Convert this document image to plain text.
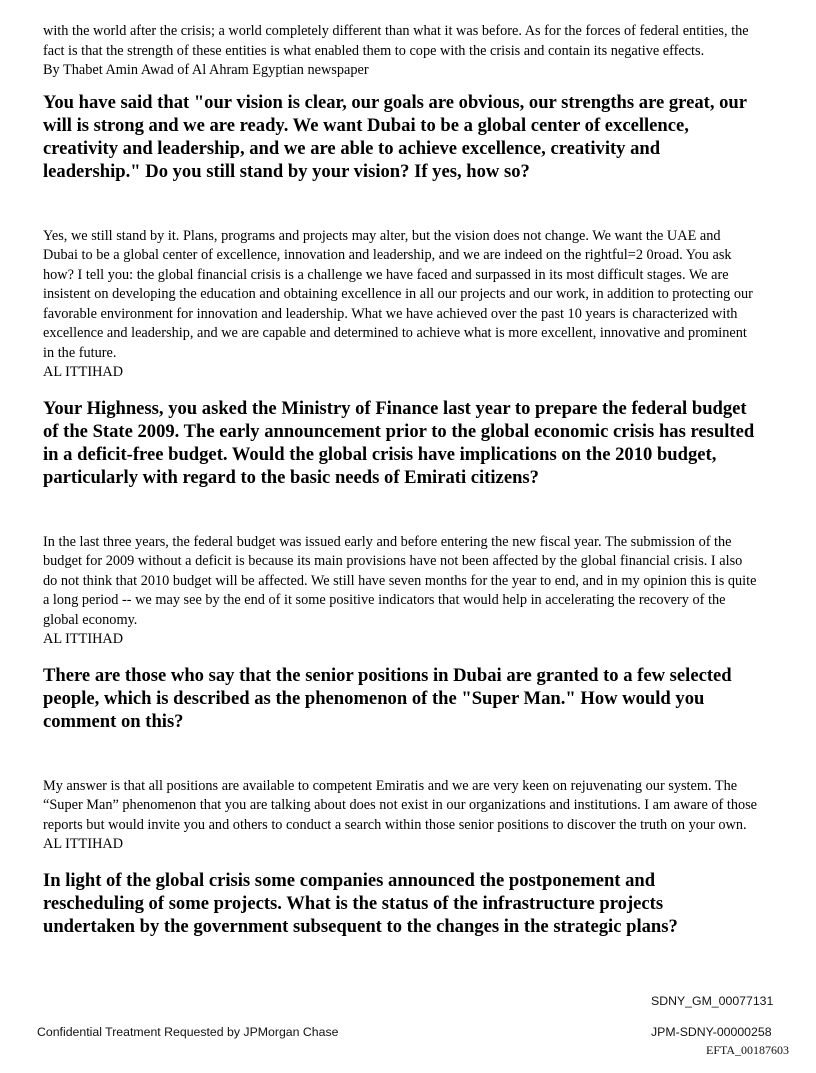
with the world after the crisis; a world completely different than what it was before. As for the forces of federal entities, the fact is that the strength of these entities is what enabled them to cope with the crisis and contain its negative effects.

By Thabet Amin Awad of Al Ahram Egyptian newspaper

You have said that "our vision is clear, our goals are obvious, our strengths are great, our will is strong and we are ready. We want Dubai to be a global center of excellence, creativity and leadership, and we are able to achieve excellence, creativity and leadership." Do you still stand by your vision? If yes, how so?

Yes, we still stand by it. Plans, programs and projects may alter, but the vision does not change. We want the UAE and Dubai to be a global center of excellence, innovation and leadership, and we are indeed on the rightful=2 0road. You ask how? I tell you: the global financial crisis is a challenge we have faced and surpassed in its most difficult stages. We are insistent on developing the education and obtaining excellence in all our projects and our work, in addition to protecting our favorable environment for innovation and leadership. What we have achieved over the past 10 years is characterized with excellence and leadership, and we are capable and determined to achieve what is more excellent, innovative and prominent in the future.

AL ITTIHAD

Your Highness, you asked the Ministry of Finance last year to prepare the federal budget of the State 2009. The early announcement prior to the global economic crisis has resulted in a deficit-free budget. Would the global crisis have implications on the 2010 budget, particularly with regard to the basic needs of Emirati citizens?

In the last three years, the federal budget was issued early and before entering the new fiscal year. The submission of the budget for 2009 without a deficit is because its main provisions have not been affected by the global financial crisis. I also do not think that 2010 budget will be affected. We still have seven months for the year to end, and in my opinion this is quite a long period -- we may see by the end of it some positive indicators that would help in accelerating the recovery of the global economy.

AL ITTIHAD

There are those who say that the senior positions in Dubai are granted to a few selected people, which is described as the phenomenon of the "Super Man." How would you comment on this?

My answer is that all positions are available to competent Emiratis and we are very keen on rejuvenating our system. The “Super Man” phenomenon that you are talking about does not exist in our organizations and institutions. I am aware of those reports but would invite you and others to conduct a search within those senior positions to discover the truth on your own.

AL ITTIHAD

In light of the global crisis some companies announced the postponement and rescheduling of some projects. What is the status of the infrastructure projects undertaken by the government subsequent to the changes in the strategic plans?

SDNY_GM_00077131
Confidential Treatment Requested by JPMorgan Chase	JPM-SDNY-00000258
EFTA_00187603
